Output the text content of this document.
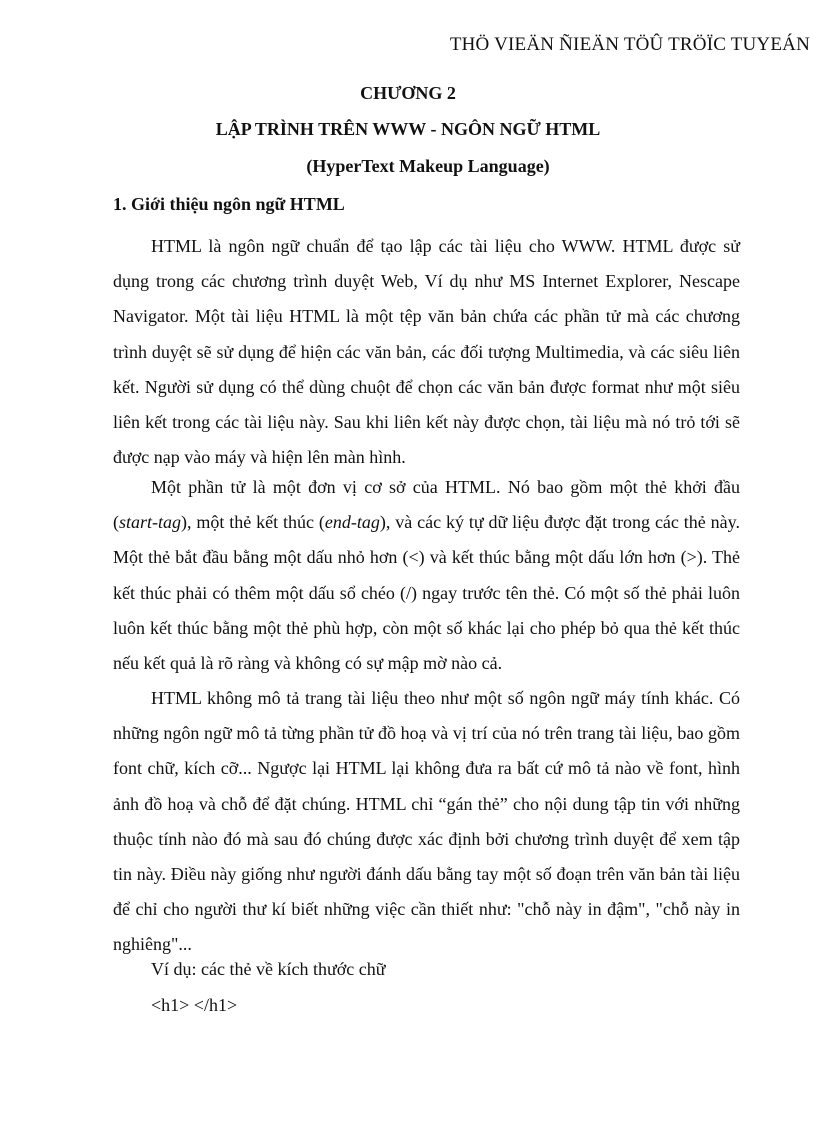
THÖ VIEÄN ÑIEÄN TÖÛ TRÖÏC TUYEÁN
CHƯƠNG 2
LẬP TRÌNH TRÊN WWW - NGÔN NGỮ HTML
(HyperText Makeup Language)
1. Giới thiệu ngôn ngữ HTML

HTML là ngôn ngữ chuẩn để tạo lập các tài liệu cho WWW. HTML được sử dụng trong các chương trình duyệt Web, Ví dụ như MS Internet Explorer, Nescape Navigator. Một tài liệu HTML là một tệp văn bản chứa các phần tử mà các chương trình duyệt sẽ sử dụng để hiện các văn bản, các đối tượng Multimedia, và các siêu liên kết. Người sử dụng có thể dùng chuột để chọn các văn bản được format như một siêu liên kết trong các tài liệu này. Sau khi liên kết này được chọn, tài liệu mà nó trỏ tới sẽ được nạp vào máy và hiện lên màn hình.

Một phần tử là một đơn vị cơ sở của HTML. Nó bao gồm một thẻ khởi đầu (start-tag), một thẻ kết thúc (end-tag), và các ký tự dữ liệu được đặt trong các thẻ này. Một thẻ bắt đầu bằng một dấu nhỏ hơn (<) và kết thúc bằng một dấu lớn hơn (>). Thẻ kết thúc phải có thêm một dấu sổ chéo (/) ngay trước tên thẻ. Có một số thẻ phải luôn luôn kết thúc bằng một thẻ phù hợp, còn một số khác lại cho phép bỏ qua thẻ kết thúc nếu kết quả là rõ ràng và không có sự mập mờ nào cả.

HTML không mô tả trang tài liệu theo như một số ngôn ngữ máy tính khác. Có những ngôn ngữ mô tả từng phần tử đồ hoạ và vị trí của nó trên trang tài liệu, bao gồm font chữ, kích cỡ... Ngược lại HTML lại không đưa ra bất cứ mô tả nào về font, hình ảnh đồ hoạ và chỗ để đặt chúng. HTML chỉ “gán thẻ” cho nội dung tập tin với những thuộc tính nào đó mà sau đó chúng được xác định bởi chương trình duyệt để xem tập tin này. Điều này giống như người đánh dấu bằng tay một số đoạn trên văn bản tài liệu để chỉ cho người thư kí biết những việc cần thiết như: "chỗ này in đậm", "chỗ này in nghiêng"...

Ví dụ: các thẻ về kích thước chữ
<h1> </h1>
